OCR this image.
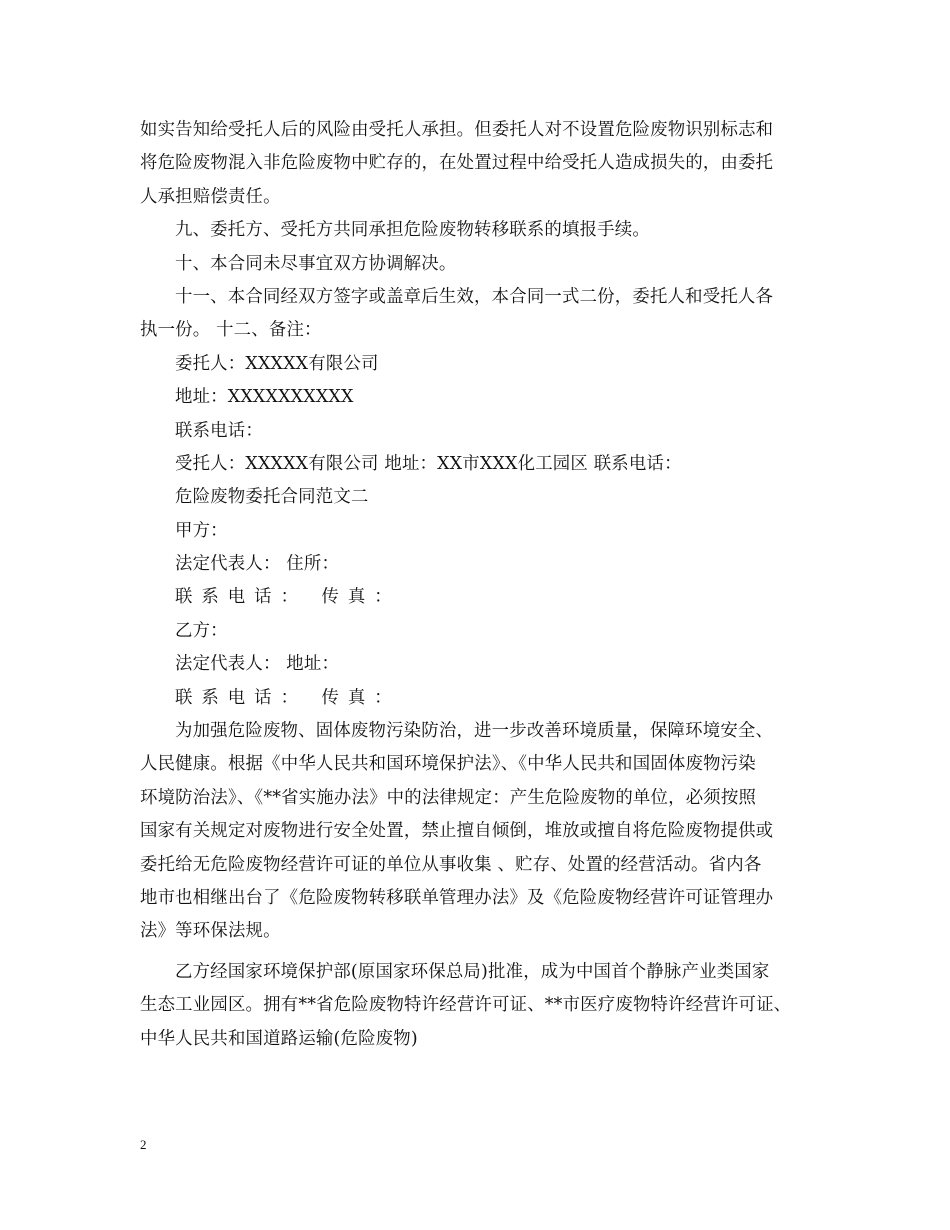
如实告知给受托人后的风险由受托人承担。但委托人对不设置危险废物识别标志和
将危险废物混入非危险废物中贮存的，在处置过程中给受托人造成损失的，由委托
人承担赔偿责任。
九、委托方、受托方共同承担危险废物转移联系的填报手续。
十、本合同未尽事宜双方协调解决。
十一、本合同经双方签字或盖章后生效，本合同一式二份，委托人和受托人各
执一份。 十二、备注：
委托人：XXXXX有限公司
地址：XXXXXXXXXX
联系电话：
受托人：XXXXX有限公司 地址：XX市XXX化工园区 联系电话：
危险废物委托合同范文二
甲方：
法定代表人： 住所：
联系电话： 传真：
乙方：
法定代表人： 地址：
联系电话： 传真：
为加强危险废物、固体废物污染防治，进一步改善环境质量，保障环境安全、
人民健康。根据《中华人民共和国环境保护法》、《中华人民共和国固体废物污染
环境防治法》、《**省实施办法》中的法律规定：产生危险废物的单位，必须按照
国家有关规定对废物进行安全处置，禁止擅自倾倒，堆放或擅自将危险废物提供或
委托给无危险废物经营许可证的单位从事收集 、贮存、处置的经营活动。省内各
地市也相继出台了《危险废物转移联单管理办法》及《危险废物经营许可证管理办
法》等环保法规。
乙方经国家环境保护部(原国家环保总局)批准，成为中国首个静脉产业类国家
生态工业园区。拥有**省危险废物特许经营许可证、**市医疗废物特许经营许可证、
中华人民共和国道路运输(危险废物)
2
